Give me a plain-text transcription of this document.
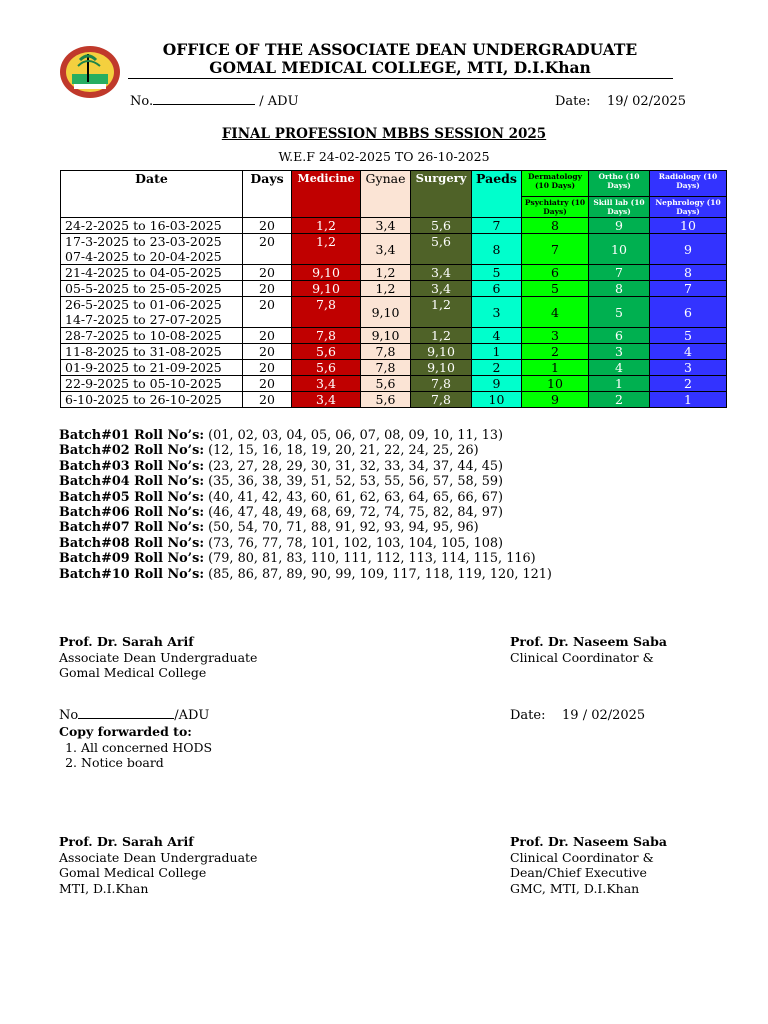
OFFICE OF THE ASSOCIATE DEAN UNDERGRADUATE
GOMAL MEDICAL COLLEGE, MTI, D.I.Khan
No.	/ ADU	Date: 19/ 02/2025
FINAL PROFESSION MBBS SESSION 2025
W.E.F 24-02-2025 TO 26-10-2025
Date	Days	Medicine	Gynae	Surgery	Paeds	Dermatology (10 Days)	Ortho (10 Days)	Radiology (10 Days)
						Psychiatry (10 Days)	Skill lab (10 Days)	Nephrology (10 Days)
24-2-2025 to 16-03-2025	20	1,2	3,4	5,6	7	8	9	10

17-3-2025 to 23-03-2025
07-4-2025 to 20-04-2025	20	1,2	3,4	5,6	8	7	10	9
21-4-2025 to 04-05-2025	20	9,10	1,2	3,4	5	6	7	8
05-5-2025 to 25-05-2025	20	9,10	1,2	3,4	6	5	8	7

26-5-2025 to 01-06-2025
14-7-2025 to 27-07-2025	20	7,8	9,10	1,2	3	4	5	6
28-7-2025 to 10-08-2025	20	7,8	9,10	1,2	4	3	6	5
11-8-2025 to 31-08-2025	20	5,6	7,8	9,10	1	2	3	4
01-9-2025 to 21-09-2025	20	5,6	7,8	9,10	2	1	4	3
22-9-2025 to 05-10-2025	20	3,4	5,6	7,8	9	10	1	2
6-10-2025 to 26-10-2025	20	3,4	5,6	7,8	10	9	2	1
Batch#01 Roll No’s: (01, 02, 03, 04, 05, 06, 07, 08, 09, 10, 11, 13)
Batch#02 Roll No’s: (12, 15, 16, 18, 19, 20, 21, 22, 24, 25, 26)
Batch#03 Roll No’s: (23, 27, 28, 29, 30, 31, 32, 33, 34, 37, 44, 45)
Batch#04 Roll No’s: (35, 36, 38, 39, 51, 52, 53, 55, 56, 57, 58, 59)
Batch#05 Roll No’s: (40, 41, 42, 43, 60, 61, 62, 63, 64, 65, 66, 67)
Batch#06 Roll No’s: (46, 47, 48, 49, 68, 69, 72, 74, 75, 82, 84, 97)
Batch#07 Roll No’s: (50, 54, 70, 71, 88, 91, 92, 93, 94, 95, 96)
Batch#08 Roll No’s: (73, 76, 77, 78, 101, 102, 103, 104, 105, 108)
Batch#09 Roll No’s: (79, 80, 81, 83, 110, 111, 112, 113, 114, 115, 116)
Batch#10 Roll No’s: (85, 86, 87, 89, 90, 99, 109, 117, 118, 119, 120, 121)
Prof. Dr. Sarah Arif
Associate Dean Undergraduate
Gomal Medical College
Prof. Dr. Naseem Saba
Clinical Coordinator &
No	/ADU	Date: 19 / 02/2025
Copy forwarded to:
1. All concerned HODS
2. Notice board
Prof. Dr. Sarah Arif
Associate Dean Undergraduate
Gomal Medical College
MTI, D.I.Khan
Prof. Dr. Naseem Saba
Clinical Coordinator &
Dean/Chief Executive
GMC, MTI, D.I.Khan
